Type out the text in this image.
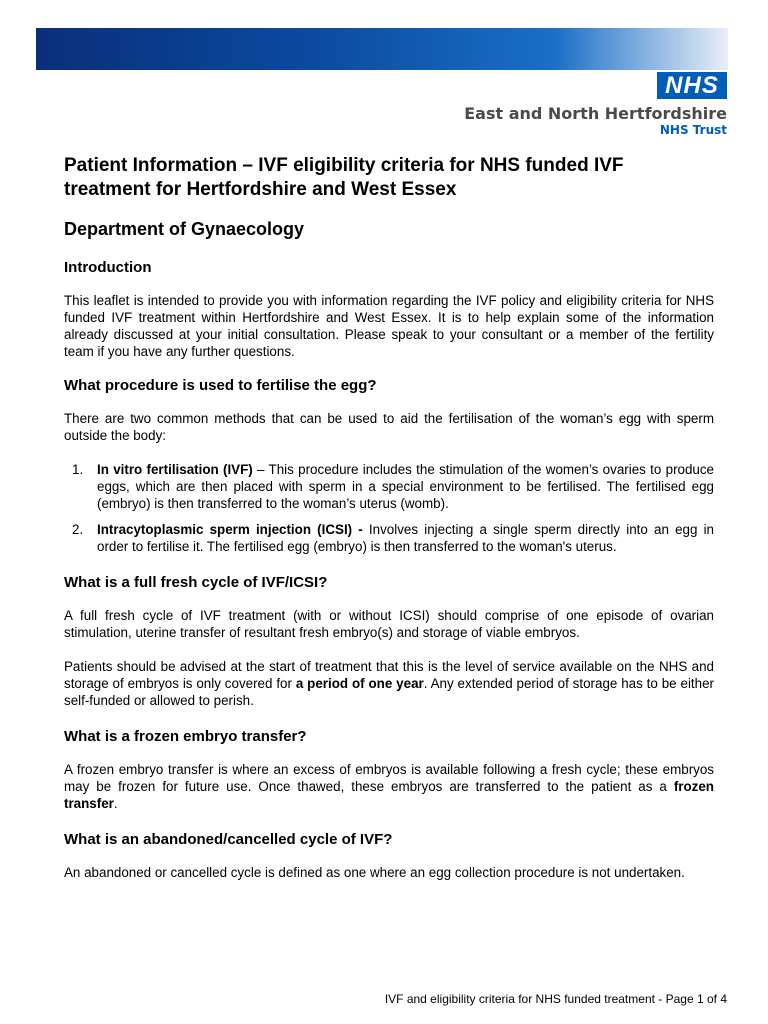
NHS
East and North Hertfordshire
NHS Trust
Patient Information – IVF eligibility criteria for NHS funded IVF treatment for Hertfordshire and West Essex
Department of Gynaecology
Introduction

This leaflet is intended to provide you with information regarding the IVF policy and eligibility criteria for NHS funded IVF treatment within Hertfordshire and West Essex. It is to help explain some of the information already discussed at your initial consultation. Please speak to your consultant or a member of the fertility team if you have any further questions.

What procedure is used to fertilise the egg?

There are two common methods that can be used to aid the fertilisation of the woman’s egg with sperm outside the body:

1. In vitro fertilisation (IVF) – This procedure includes the stimulation of the women’s ovaries to produce eggs, which are then placed with sperm in a special environment to be fertilised. The fertilised egg (embryo) is then transferred to the woman’s uterus (womb).
2. Intracytoplasmic sperm injection (ICSI) - Involves injecting a single sperm directly into an egg in order to fertilise it. The fertilised egg (embryo) is then transferred to the woman's uterus.
What is a full fresh cycle of IVF/ICSI?

A full fresh cycle of IVF treatment (with or without ICSI) should comprise of one episode of ovarian stimulation, uterine transfer of resultant fresh embryo(s) and storage of viable embryos.

Patients should be advised at the start of treatment that this is the level of service available on the NHS and storage of embryos is only covered for a period of one year. Any extended period of storage has to be either self-funded or allowed to perish.

What is a frozen embryo transfer?

A frozen embryo transfer is where an excess of embryos is available following a fresh cycle; these embryos may be frozen for future use. Once thawed, these embryos are transferred to the patient as a frozen transfer.

What is an abandoned/cancelled cycle of IVF?

An abandoned or cancelled cycle is defined as one where an egg collection procedure is not undertaken.

IVF and eligibility criteria for NHS funded treatment - Page 1 of 4
